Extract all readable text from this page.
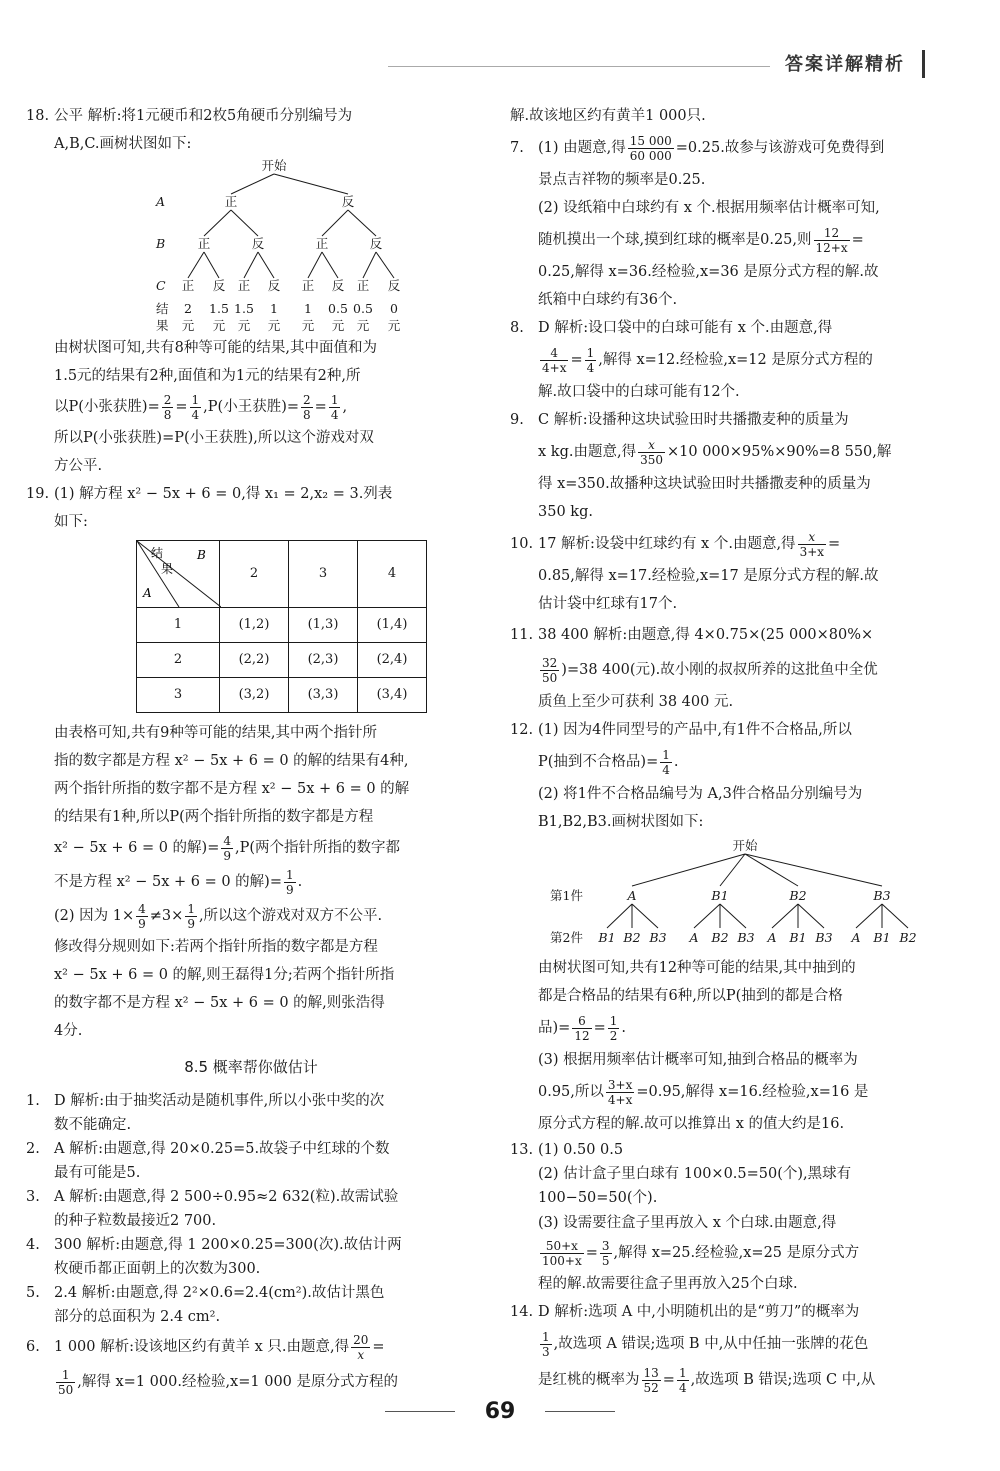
答案详解精析

18. 公平 解析:将1元硬币和2枚5角硬币分别编号为

A,B,C.画树状图如下:

开始
A
B
C
正	反
正	反	正	反
正 反 正 反 正 反 正 反
结
果
2 1.5 1.5 1 1 0.5 0.5 0
元 元 元 元 元 元 元 元

由树状图可知,共有8种等可能的结果,其中面值和为

1.5元的结果有2种,面值和为1元的结果有2种,所

以P(小张获胜)= $\frac{2}{8} = \frac{1}{4} ,P$(小王获胜)= $\frac{2}{8} = \frac{1}{4}$ ,

所以P(小张获胜)=P(小王获胜),所以这个游戏对双

方公平.

19. (1) 解方程 x² − 5x + 6 = 0,得 x₁ = 2,x₂ = 3.列表

如下:

B
结
果
A	2	3	4
1	(1,2)	(1,3)	(1,4)
2	(2,2)	(2,3)	(2,4)
3	(3,2)	(3,3)	(3,4)

由表格可知,共有9种等可能的结果,其中两个指针所

指的数字都是方程 x² − 5x + 6 = 0 的解的结果有4种,

两个指针所指的数字都不是方程 x² − 5x + 6 = 0 的解

的结果有1种,所以P(两个指针所指的数字都是方程

x² − 5x + 6 = 0 的解)= $\frac{4}{9} ,P$(两个指针所指的数字都

不是方程 x² − 5x + 6 = 0 的解)= $\frac{1}{9}$ .

(2) 因为 $1\times \frac{4}{9} \ne 3\times \frac{1}{9}$ ,所以这个游戏对双方不公平.

修改得分规则如下:若两个指针所指的数字都是方程

x² − 5x + 6 = 0 的解,则王磊得1分;若两个指针所指

的数字都不是方程 x² − 5x + 6 = 0 的解,则张浩得

4分.

8.5 概率帮你做估计

1. D 解析:由于抽奖活动是随机事件,所以小张中奖的次

数不能确定.

2. A 解析:由题意,得 20×0.25=5.故袋子中红球的个数

最有可能是5.

3. A 解析:由题意,得 2 500÷0.95≈2 632(粒).故需试验

的种子粒数最接近2 700.

4. 300 解析:由题意,得 1 200×0.25=300(次).故估计两

枚硬币都正面朝上的次数为300.

5. 2.4 解析:由题意,得 2²×0.6=2.4(cm²).故估计黑色

部分的总面积为 2.4 cm².

6. 1 000 解析:设该地区约有黄羊 x 只.由题意,得 $\frac{20}{x}$ =

$\frac{1}{50}$ ,解得 x=1 000.经检验,x=1 000 是原分式方程的

解.故该地区约有黄羊1 000只.

7. (1) 由题意,得 $\frac{15 000}{60 000} =0.25$.故参与该游戏可免费得到

景点吉祥物的频率是0.25.

(2) 设纸箱中白球约有 x 个.根据用频率估计概率可知,

随机摸出一个球,摸到红球的概率是0.25,则 $\frac{12}{12+x}$ =

0.25,解得 x=36.经检验,x=36 是原分式方程的解.故

纸箱中白球约有36个.

8. D 解析:设口袋中的白球可能有 x 个.由题意,得

$\frac{4}{4+x} = \frac{1}{4}$ ,解得 x=12.经检验,x=12 是原分式方程的

解.故口袋中的白球可能有12个.

9. C 解析:设播种这块试验田时共播撒麦种的质量为

x kg.由题意,得 $\frac{x}{350} \times 10$ 000×95%×90%=8 550,解

得 x=350.故播种这块试验田时共播撒麦种的质量为

350 kg.

10. 17 解析:设袋中红球约有 x 个.由题意,得 $\frac{x}{3+x}$ =

0.85,解得 x=17.经检验,x=17 是原分式方程的解.故

估计袋中红球有17个.

11. 38 400 解析:由题意,得 4×0.75×(25 000×80%×

$\frac{32}{50} )=38$ 400(元).故小刚的叔叔所养的这批鱼中全优

质鱼上至少可获利 38 400 元.

12. (1) 因为4件同型号的产品中,有1件不合格品,所以

P(抽到不合格品)= $\frac{1}{4}$ .

(2) 将1件不合格品编号为 A,3件合格品分别编号为

B1,B2,B3.画树状图如下:

开始
第1件	A	B1	B2	B3
第2件 B1 B2 B3 A B2 B3 A B1 B3 A B1 B2

由树状图可知,共有12种等可能的结果,其中抽到的

都是合格品的结果有6种,所以P(抽到的都是合格

品)= $\frac{6}{12} = \frac{1}{2}$ .

(3) 根据用频率估计概率可知,抽到合格品的概率为

0.95,所以 $\frac{3+x}{4+x} =0.95$,解得 x=16.经检验,x=16 是

原分式方程的解.故可以推算出 x 的值大约是16.

13. (1) 0.50 0.5

(2) 估计盒子里白球有 100×0.5=50(个),黑球有

100−50=50(个).

(3) 设需要往盒子里再放入 x 个白球.由题意,得

$\frac{50+x}{100+x} = \frac{3}{5}$ ,解得 x=25.经检验,x=25 是原分式方

程的解.故需要往盒子里再放入25个白球.

14. D 解析:选项 A 中,小明随机出的是“剪刀”的概率为

$\frac{1}{3}$ ,故选项 A 错误;选项 B 中,从中任抽一张牌的花色

是红桃的概率为 $\frac{13}{52} = \frac{1}{4}$ ,故选项 B 错误;选项 C 中,从

69
